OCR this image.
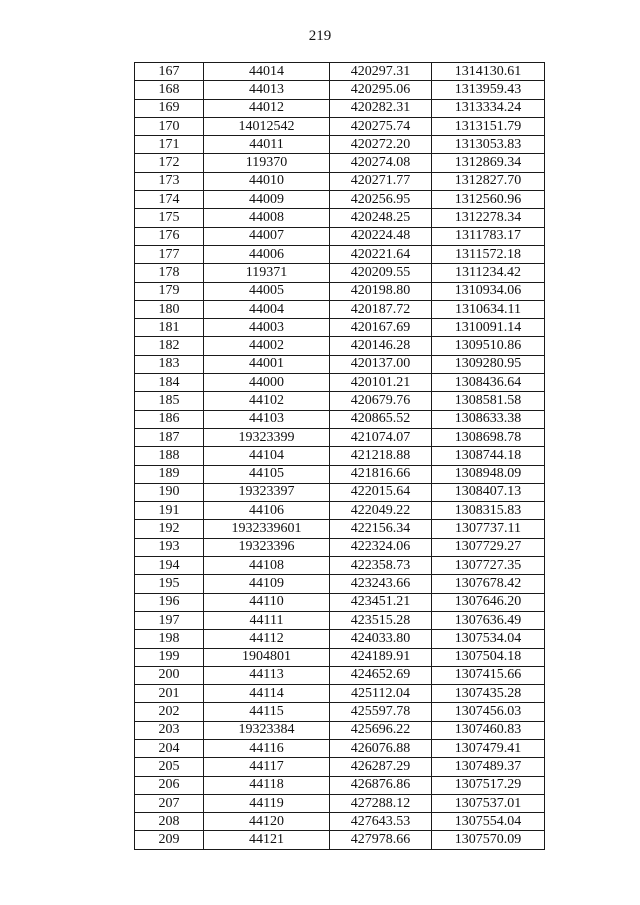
219
167	44014	420297.31	1314130.61
168	44013	420295.06	1313959.43
169	44012	420282.31	1313334.24
170	14012542	420275.74	1313151.79
171	44011	420272.20	1313053.83
172	119370	420274.08	1312869.34
173	44010	420271.77	1312827.70
174	44009	420256.95	1312560.96
175	44008	420248.25	1312278.34
176	44007	420224.48	1311783.17
177	44006	420221.64	1311572.18
178	119371	420209.55	1311234.42
179	44005	420198.80	1310934.06
180	44004	420187.72	1310634.11
181	44003	420167.69	1310091.14
182	44002	420146.28	1309510.86
183	44001	420137.00	1309280.95
184	44000	420101.21	1308436.64
185	44102	420679.76	1308581.58
186	44103	420865.52	1308633.38
187	19323399	421074.07	1308698.78
188	44104	421218.88	1308744.18
189	44105	421816.66	1308948.09
190	19323397	422015.64	1308407.13
191	44106	422049.22	1308315.83
192	1932339601	422156.34	1307737.11
193	19323396	422324.06	1307729.27
194	44108	422358.73	1307727.35
195	44109	423243.66	1307678.42
196	44110	423451.21	1307646.20
197	44111	423515.28	1307636.49
198	44112	424033.80	1307534.04
199	1904801	424189.91	1307504.18
200	44113	424652.69	1307415.66
201	44114	425112.04	1307435.28
202	44115	425597.78	1307456.03
203	19323384	425696.22	1307460.83
204	44116	426076.88	1307479.41
205	44117	426287.29	1307489.37
206	44118	426876.86	1307517.29
207	44119	427288.12	1307537.01
208	44120	427643.53	1307554.04
209	44121	427978.66	1307570.09
